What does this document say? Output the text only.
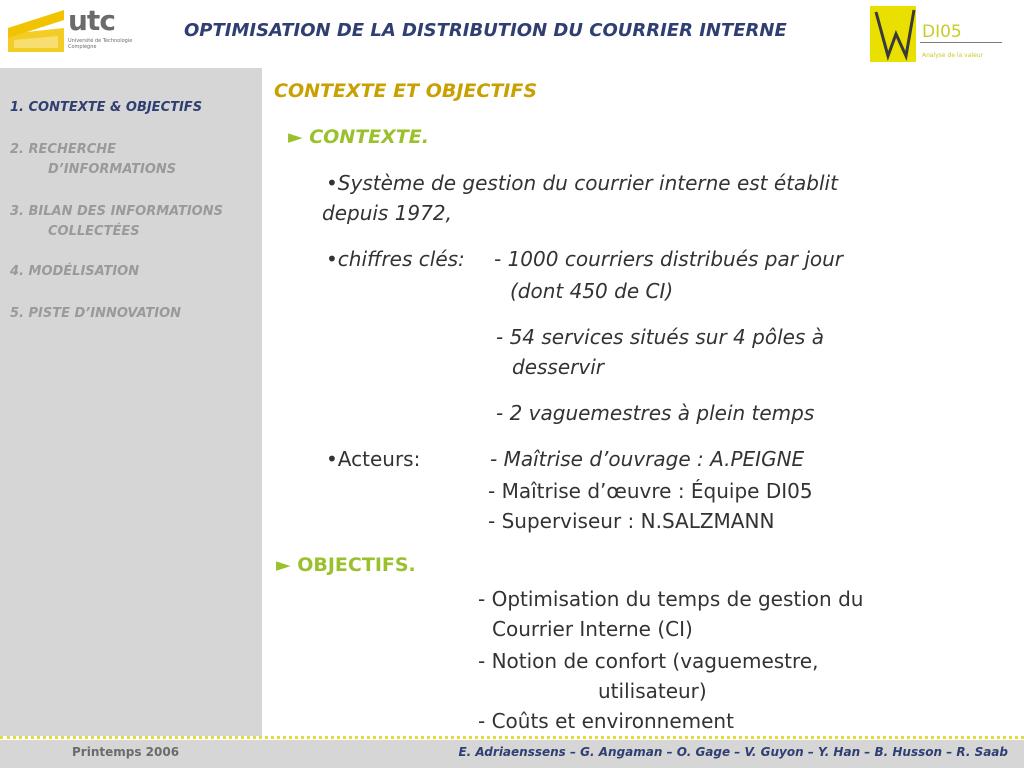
utc
Université de Technologie Compiègne
OPTIMISATION DE LA DISTRIBUTION DU COURRIER INTERNE	DI05
Analyse de la valeur
1. CONTEXTE & OBJECTIFS
2. RECHERCHE
D’INFORMATIONS
3. BILAN DES INFORMATIONS
COLLECTÉES
4. MODÉLISATION
5. PISTE D’INNOVATION
CONTEXTE ET OBJECTIFS
► CONTEXTE.
•Système de gestion du courrier interne est établit
depuis 1972,
•chiffres clés: - 1000 courriers distribués par jour
(dont 450 de CI)
- 54 services situés sur 4 pôles à
desservir
- 2 vaguemestres à plein temps
•Acteurs:	- Maîtrise d’ouvrage : A.PEIGNE
- Maîtrise d’œuvre : Équipe DI05
- Superviseur : N.SALZMANN
► OBJECTIFS.
- Optimisation du temps de gestion du
Courrier Interne (CI)
- Notion de confort (vaguemestre,
utilisateur)
- Coûts et environnement
Printemps 2006	E. Adriaenssens – G. Angaman – O. Gage – V. Guyon – Y. Han – B. Husson – R. Saab
